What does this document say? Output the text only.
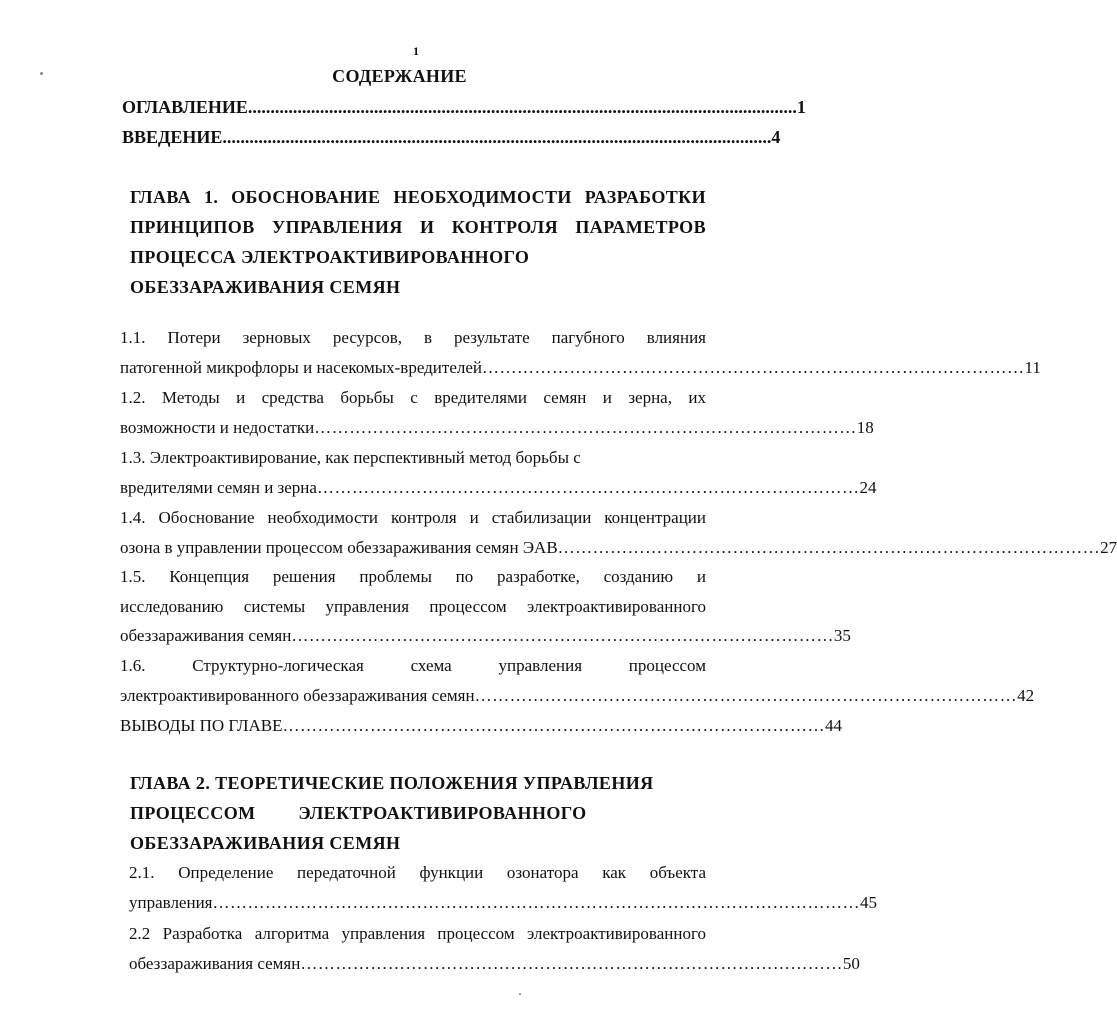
1
СОДЕРЖАНИЕ
ОГЛАВЛЕНИЕ .......................................................................................................................... 1
ВВЕДЕНИЕ .......................................................................................................................... 4
ГЛАВА 1. ОБОСНОВАНИЕ НЕОБХОДИМОСТИ РАЗРАБОТКИ
ПРИНЦИПОВ УПРАВЛЕНИЯ И КОНТРОЛЯ ПАРАМЕТРОВ
ПРОЦЕССА ЭЛЕКТРОАКТИВИРОВАННОГО
ОБЕЗЗАРАЖИВАНИЯ СЕМЯН
1.1. Потери зерновых ресурсов, в результате пагубного влияния
патогенной микрофлоры и насекомых-вредителей ………………………………………………………………………………… 11
1.2. Методы и средства борьбы с вредителями семян и зерна, их
возможности и недостатки ………………………………………………………………………………… 18
1.3. Электроактивирование, как перспективный метод борьбы с
вредителями семян и зерна ………………………………………………………………………………… 24
1.4. Обоснование необходимости контроля и стабилизации концентрации
озона в управлении процессом обеззараживания семян ЭАВ ………………………………………………………………………………… 27
1.5. Концепция решения проблемы по разработке, созданию и
исследованию системы управления процессом электроактивированного
обеззараживания семян ………………………………………………………………………………… 35
1.6. Структурно-логическая схема управления процессом
электроактивированного обеззараживания семян ………………………………………………………………………………… 42
ВЫВОДЫ ПО ГЛАВЕ ………………………………………………………………………………… 44
ГЛАВА 2. ТЕОРЕТИЧЕСКИЕ ПОЛОЖЕНИЯ УПРАВЛЕНИЯ
ПРОЦЕССОМ ЭЛЕКТРОАКТИВИРОВАННОГО
ОБЕЗЗАРАЖИВАНИЯ СЕМЯН
2.1. Определение передаточной функции озонатора как объекта
управления ………………………………………………………………………………………………… 45
2.2 Разработка алгоритма управления процессом электроактивированного
обеззараживания семян ………………………………………………………………………………… 50
